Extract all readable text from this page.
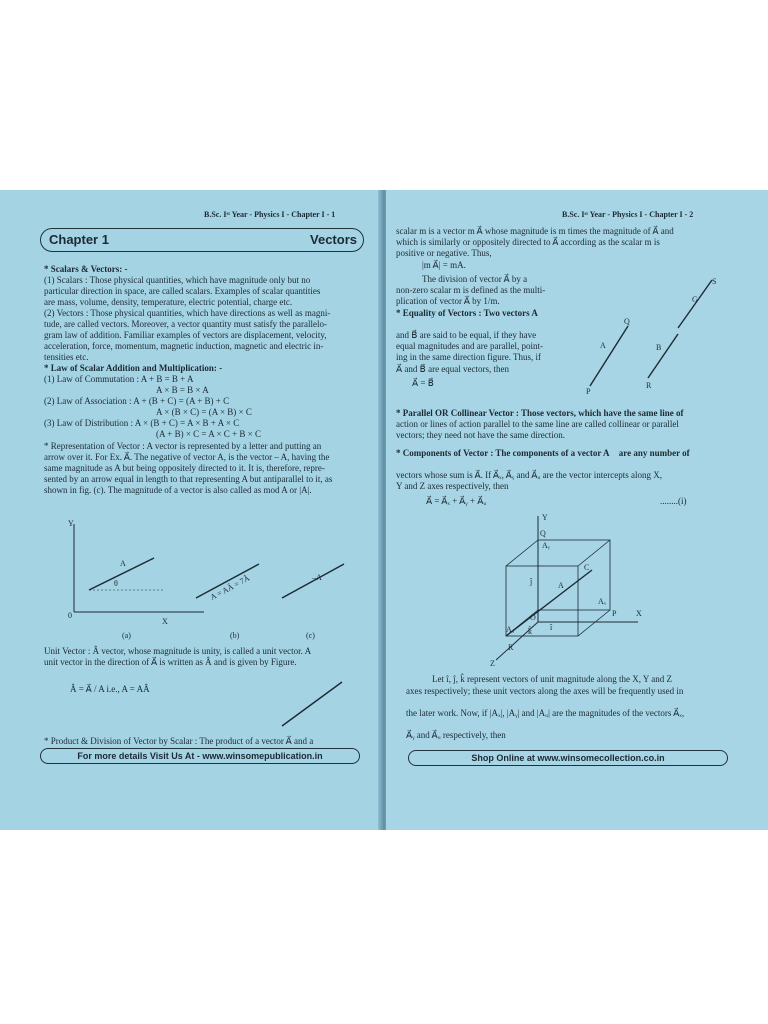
B.Sc. Iˢᵗ Year - Physics I - Chapter I - 1
Chapter 1	Vectors
* Scalars & Vectors: -
(1) Scalars : Those physical quantities, which have magnitude only but no
particular direction in space, are called scalars. Examples of scalar quantities
are mass, volume, density, temperature, electric potential, charge etc.
(2) Vectors : Those physical quantities, which have directions as well as magni-
tude, are called vectors. Moreover, a vector quantity must satisfy the parallelo-
gram law of addition. Familiar examples of vectors are displacement, velocity,
acceleration, force, momentum, magnetic induction, magnetic and electric in-
tensities etc.
* Law of Scalar Addition and Multiplication: -
(1) Law of Commutation : A + B = B + A
A × B = B × A
(2) Law of Association : A + (B + C) = (A + B) + C
A × (B × C) = (A × B) × C
(3) Law of Distribution : A × (B + C) = A × B + A × C
(A + B) × C = A × C + B × C
* Representation of Vector : A vector is represented by a letter and putting an
arrow over it. For Ex. A⃗. The negative of vector A, is the vector – A, having the
same magnitude as A but being oppositely directed to it. It is, therefore, repre-
sented by an arrow equal in length to that representing A but antiparallel to it, as
shown in fig. (c). The magnitude of a vector is also called as mod A or |A|.
Y
A
θ
0
X
(a)	(b)	(c)
A = AÂ = 7Â	–A
Unit Vector : Â vector, whose magnitude is unity, is called a unit vector. A
unit vector in the direction of A⃗ is written as Â and is given by Figure.
Â = A⃗ / A i.e., A = AÂ
* Product & Division of Vector by Scalar : The product of a vector A⃗ and a
For more details Visit Us At - www.winsomepublication.in
B.Sc. Iˢᵗ Year - Physics I - Chapter I - 2
scalar m is a vector m A⃗ whose magnitude is m times the magnitude of A⃗ and
which is similarly or oppositely directed to A⃗ according as the scalar m is
positive or negative. Thus,
|m A⃗| = mA.
The division of vector A⃗ by a
non-zero scalar m is defined as the multi-
plication of vector A⃗ by 1/m.
* Equality of Vectors : Two vectors A⃗
and B⃗ are said to be equal, if they have
equal magnitudes and are parallel, point-
ing in the same direction figure. Thus, if
A⃗ and B⃗ are equal vectors, then
A⃗ = B⃗
S
G
Q
A	B
P
R
* Parallel OR Collinear Vector : Those vectors, which have the same line of
action or lines of action parallel to the same line are called collinear or parallel
vectors; they need not have the same direction.
* Components of Vector : The components of a vector A⃗ are any number of
vectors whose sum is A⃗. If A⃗ₓ, A⃗ᵧ and A⃗ᵤ are the vector intercepts along X,
Y and Z axes respectively, then
A⃗ = A⃗ₓ + A⃗ᵧ + A⃗ᵤ	........(i)
Y
Q
Aᵧ
C
ĵ	A
Aₓ
X
P
Aᵤ k̂ î
R
Z
O
Let î, ĵ, k̂ represent vectors of unit magnitude along the X, Y and Z
axes respectively; these unit vectors along the axes will be frequently used in
the later work. Now, if |Aₓ|, |Aᵧ| and |Aᵤ| are the magnitudes of the vectors A⃗ₓ,
A⃗ᵧ and A⃗ᵤ respectively, then
Shop Online at www.winsomecollection.co.in
